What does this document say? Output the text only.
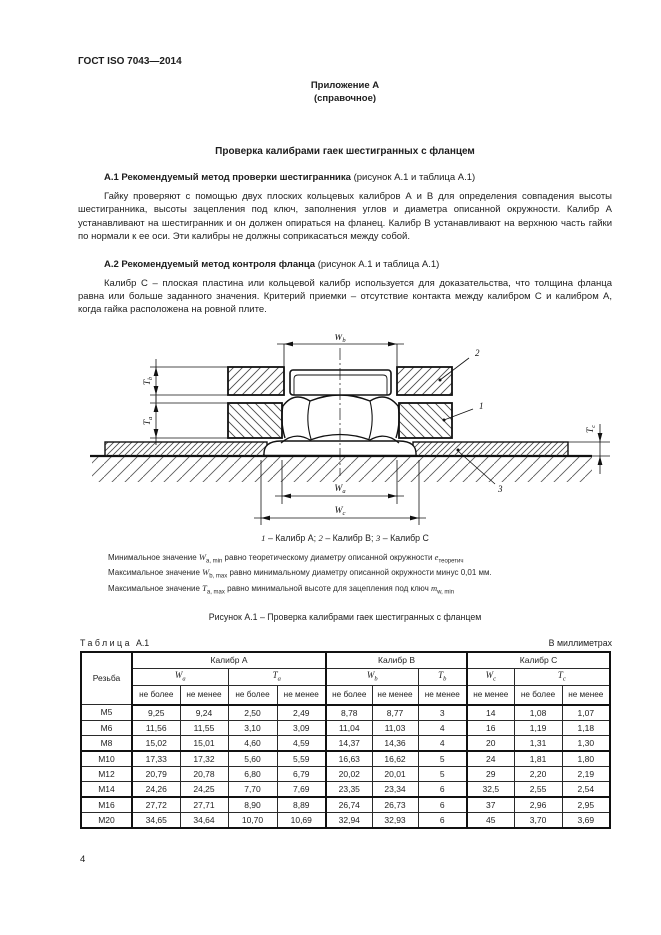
ГОСТ ISO 7043—2014
Приложение А
(справочное)
Проверка калибрами гаек шестигранных с фланцем
А.1 Рекомендуемый метод проверки шестигранника (рисунок А.1 и таблица А.1)
Гайку проверяют с помощью двух плоских кольцевых калибров А и В для определения совпадения высоты шестигранника, высоты зацепления под ключ, заполнения углов и диаметра описанной окружности. Калибр А устанавливают на шестигранник и он должен опираться на фланец. Калибр В устанавливают на верхнюю часть гайки по нормали к ее оси. Эти калибры не должны соприкасаться между собой.
А.2 Рекомендуемый метод контроля фланца (рисунок А.1 и таблица А.1)
Калибр С – плоская пластина или кольцевой калибр используется для доказательства, что толщина фланца равна или больше заданного значения. Критерий приемки – отсутствие контакта между калибром С и калибром А, когда гайка расположена на ровной плите.
$W_b$
$T_b$
$T_a$
$T_c$
$W_a$
$W_c$
2
1
3
1 – Калибр А; 2 – Калибр В; 3 – Калибр С
Минимальное значение $W_{a, min}$ равно теоретическому диаметру описанной окружности $е_{теоретич}$
Максимальное значение $W_{b, max}$ равно минимальному диаметру описанной окружности минус 0,01 мм.
Максимальное значение $T_{a, max}$ равно минимальной высоте для зацепления под ключ $m_{w, min}$
Рисунок А.1 – Проверка калибрами гаек шестигранных с фланцем
Таблица А.1	В миллиметрах
Резьба	Калибр А				Калибр В			Калибр С		
	$W_a$		$T_a$		$W_b$		$T_b$	$W_c$	$T_c$
	не более	не менее	не более	не менее	не более	не менее	не менее	не менее	не более	не менее
М5	9,25	9,24	2,50	2,49	8,78	8,77	3	14	1,08	1,07
М6	11,56	11,55	3,10	3,09	11,04	11,03	4	16	1,19	1,18
М8	15,02	15,01	4,60	4,59	14,37	14,36	4	20	1,31	1,30
М10	17,33	17,32	5,60	5,59	16,63	16,62	5	24	1,81	1,80
М12	20,79	20,78	6,80	6,79	20,02	20,01	5	29	2,20	2,19
М14	24,26	24,25	7,70	7,69	23,35	23,34	6	32,5	2,55	2,54
М16	27,72	27,71	8,90	8,89	26,74	26,73	6	37	2,96	2,95
М20	34,65	34,64	10,70	10,69	32,94	32,93	6	45	3,70	3,69
4
